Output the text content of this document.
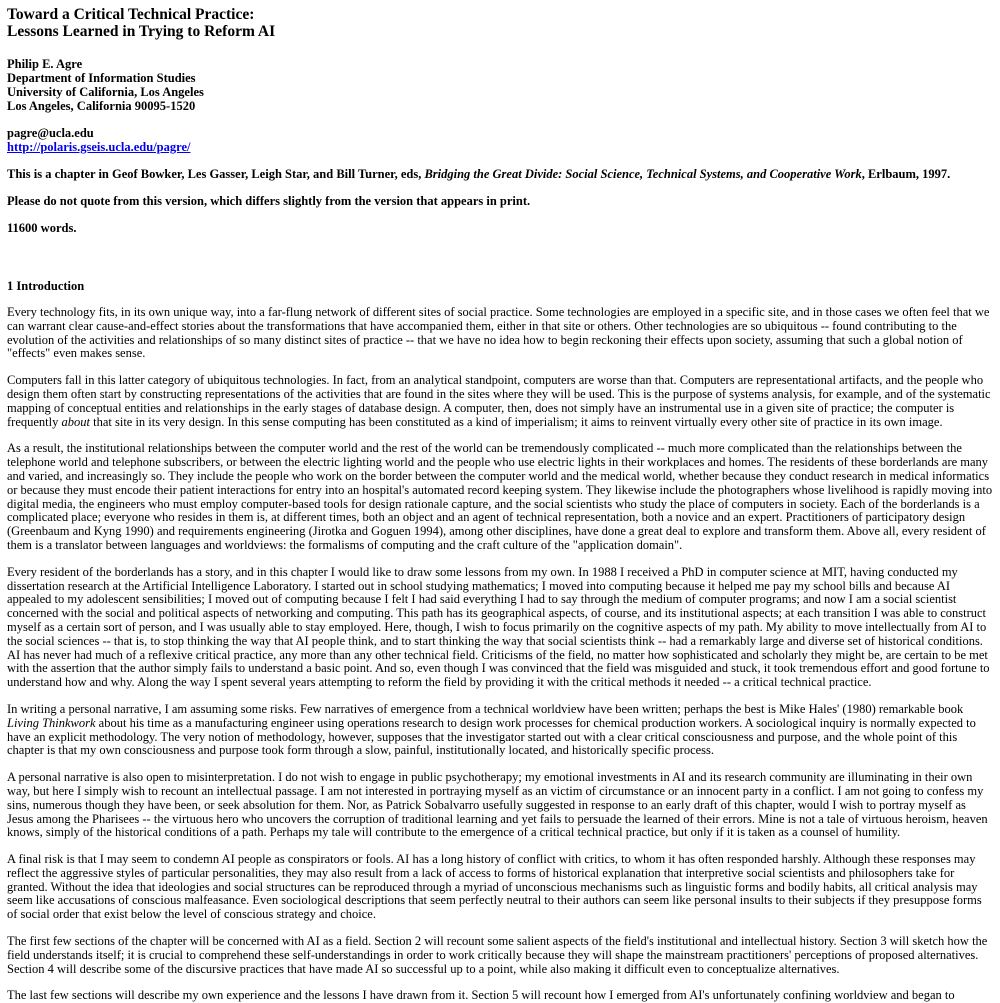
Toward a Critical Technical Practice:
Lessons Learned in Trying to Reform AI
Philip E. Agre
Department of Information Studies
University of California, Los Angeles
Los Angeles, California 90095-1520
pagre@ucla.edu
http://polaris.gseis.ucla.edu/pagre/
This is a chapter in Geof Bowker, Les Gasser, Leigh Star, and Bill Turner, eds, Bridging the Great Divide: Social Science, Technical Systems, and Cooperative Work, Erlbaum, 1997.
Please do not quote from this version, which differs slightly from the version that appears in print.
11600 words.
1 Introduction
Every technology fits, in its own unique way, into a far-flung network of different sites of social practice. Some technologies are employed in a specific site, and in those cases we often feel that we
can warrant clear cause-and-effect stories about the transformations that have accompanied them, either in that site or others. Other technologies are so ubiquitous -- found contributing to the
evolution of the activities and relationships of so many distinct sites of practice -- that we have no idea how to begin reckoning their effects upon society, assuming that such a global notion of
"effects" even makes sense.
Computers fall in this latter category of ubiquitous technologies. In fact, from an analytical standpoint, computers are worse than that. Computers are representational artifacts, and the people who
design them often start by constructing representations of the activities that are found in the sites where they will be used. This is the purpose of systems analysis, for example, and of the systematic
mapping of conceptual entities and relationships in the early stages of database design. A computer, then, does not simply have an instrumental use in a given site of practice; the computer is
frequently about that site in its very design. In this sense computing has been constituted as a kind of imperialism; it aims to reinvent virtually every other site of practice in its own image.
As a result, the institutional relationships between the computer world and the rest of the world can be tremendously complicated -- much more complicated than the relationships between the
telephone world and telephone subscribers, or between the electric lighting world and the people who use electric lights in their workplaces and homes. The residents of these borderlands are many
and varied, and increasingly so. They include the people who work on the border between the computer world and the medical world, whether because they conduct research in medical informatics
or because they must encode their patient interactions for entry into an hospital's automated record keeping system. They likewise include the photographers whose livelihood is rapidly moving into
digital media, the engineers who must employ computer-based tools for design rationale capture, and the social scientists who study the place of computers in society. Each of the borderlands is a
complicated place; everyone who resides in them is, at different times, both an object and an agent of technical representation, both a novice and an expert. Practitioners of participatory design
(Greenbaum and Kyng 1990) and requirements engineering (Jirotka and Goguen 1994), among other disciplines, have done a great deal to explore and transform them. Above all, every resident of
them is a translator between languages and worldviews: the formalisms of computing and the craft culture of the "application domain".
Every resident of the borderlands has a story, and in this chapter I would like to draw some lessons from my own. In 1988 I received a PhD in computer science at MIT, having conducted my
dissertation research at the Artificial Intelligence Laboratory. I started out in school studying mathematics; I moved into computing because it helped me pay my school bills and because AI
appealed to my adolescent sensibilities; I moved out of computing because I felt I had said everything I had to say through the medium of computer programs; and now I am a social scientist
concerned with the social and political aspects of networking and computing. This path has its geographical aspects, of course, and its institutional aspects; at each transition I was able to construct
myself as a certain sort of person, and I was usually able to stay employed. Here, though, I wish to focus primarily on the cognitive aspects of my path. My ability to move intellectually from AI to
the social sciences -- that is, to stop thinking the way that AI people think, and to start thinking the way that social scientists think -- had a remarkably large and diverse set of historical conditions.
AI has never had much of a reflexive critical practice, any more than any other technical field. Criticisms of the field, no matter how sophisticated and scholarly they might be, are certain to be met
with the assertion that the author simply fails to understand a basic point. And so, even though I was convinced that the field was misguided and stuck, it took tremendous effort and good fortune to
understand how and why. Along the way I spent several years attempting to reform the field by providing it with the critical methods it needed -- a critical technical practice.
In writing a personal narrative, I am assuming some risks. Few narratives of emergence from a technical worldview have been written; perhaps the best is Mike Hales' (1980) remarkable book
Living Thinkwork about his time as a manufacturing engineer using operations research to design work processes for chemical production workers. A sociological inquiry is normally expected to
have an explicit methodology. The very notion of methodology, however, supposes that the investigator started out with a clear critical consciousness and purpose, and the whole point of this
chapter is that my own consciousness and purpose took form through a slow, painful, institutionally located, and historically specific process.
A personal narrative is also open to misinterpretation. I do not wish to engage in public psychotherapy; my emotional investments in AI and its research community are illuminating in their own
way, but here I simply wish to recount an intellectual passage. I am not interested in portraying myself as an victim of circumstance or an innocent party in a conflict. I am not going to confess my
sins, numerous though they have been, or seek absolution for them. Nor, as Patrick Sobalvarro usefully suggested in response to an early draft of this chapter, would I wish to portray myself as
Jesus among the Pharisees -- the virtuous hero who uncovers the corruption of traditional learning and yet fails to persuade the learned of their errors. Mine is not a tale of virtuous heroism, heaven
knows, simply of the historical conditions of a path. Perhaps my tale will contribute to the emergence of a critical technical practice, but only if it is taken as a counsel of humility.
A final risk is that I may seem to condemn AI people as conspirators or fools. AI has a long history of conflict with critics, to whom it has often responded harshly. Although these responses may
reflect the aggressive styles of particular personalities, they may also result from a lack of access to forms of historical explanation that interpretive social scientists and philosophers take for
granted. Without the idea that ideologies and social structures can be reproduced through a myriad of unconscious mechanisms such as linguistic forms and bodily habits, all critical analysis may
seem like accusations of conscious malfeasance. Even sociological descriptions that seem perfectly neutral to their authors can seem like personal insults to their subjects if they presuppose forms
of social order that exist below the level of conscious strategy and choice.
The first few sections of the chapter will be concerned with AI as a field. Section 2 will recount some salient aspects of the field's institutional and intellectual history. Section 3 will sketch how the
field understands itself; it is crucial to comprehend these self-understandings in order to work critically because they will shape the mainstream practitioners' perceptions of proposed alternatives.
Section 4 will describe some of the discursive practices that have made AI so successful up to a point, while also making it difficult even to conceptualize alternatives.
The last few sections will describe my own experience and the lessons I have drawn from it. Section 5 will recount how I emerged from AI's unfortunately confining worldview and began to
